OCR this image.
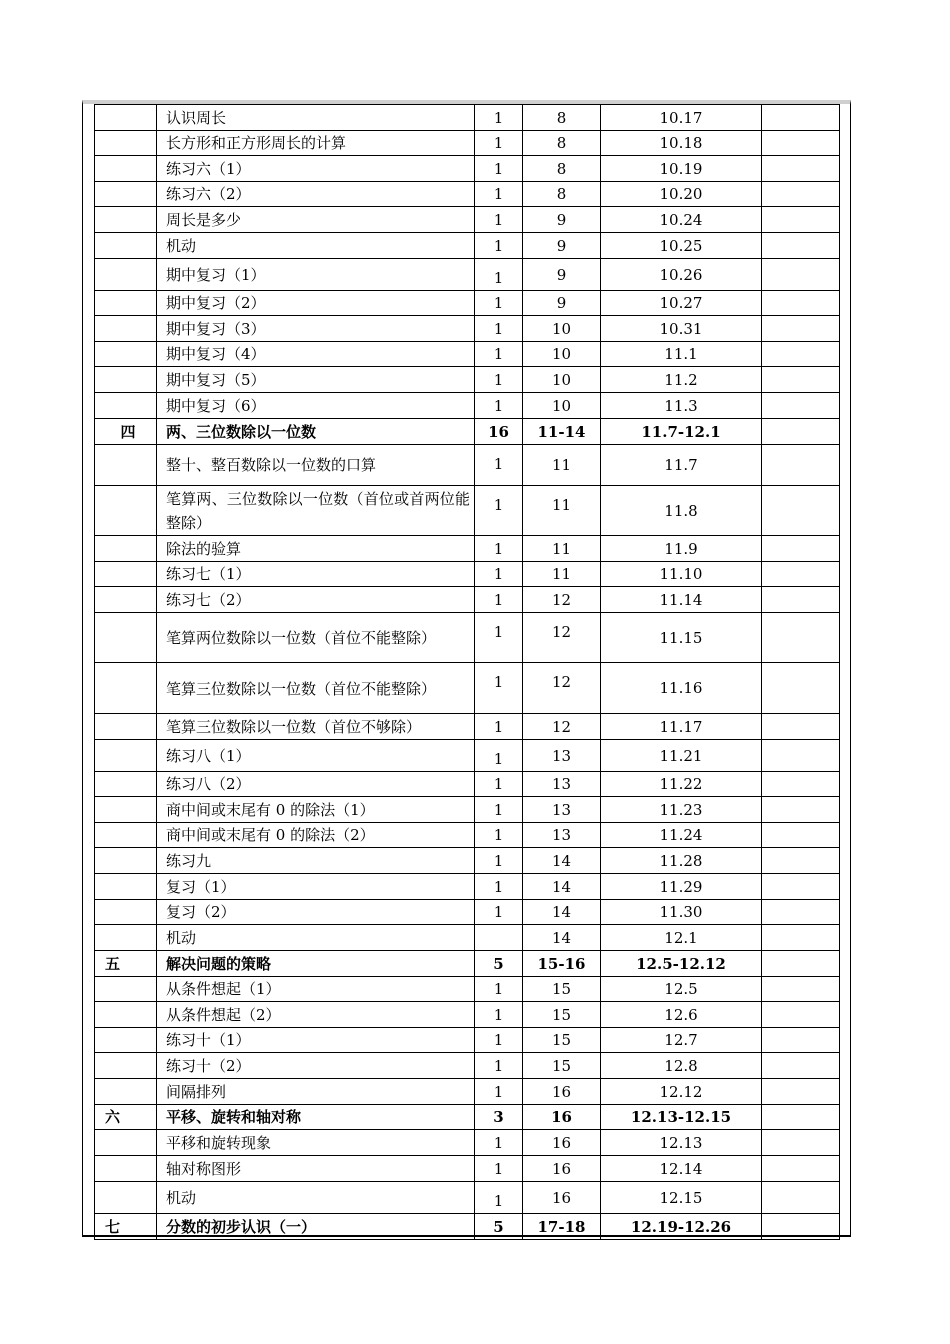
	认识周长	1	8	10.17	
	长方形和正方形周长的计算	1	8	10.18	
	练习六（1）	1	8	10.19	
	练习六（2）	1	8	10.20	
	周长是多少	1	9	10.24	
	机动	1	9	10.25	
	期中复习（1）	1	9	10.26	
	期中复习（2）	1	9	10.27	
	期中复习（3）	1	10	10.31	
	期中复习（4）	1	10	11.1	
	期中复习（5）	1	10	11.2	
	期中复习（6）	1	10	11.3	
四	两、三位数除以一位数	16	11-14	11.7-12.1	
	整十、整百数除以一位数的口算	1	11	11.7	
	笔算两、三位数除以一位数（首位或首两位能整除）	1	11	11.8	
	除法的验算	1	11	11.9	
	练习七（1）	1	11	11.10	
	练习七（2）	1	12	11.14	
	笔算两位数除以一位数（首位不能整除）	1	12	11.15	
	笔算三位数除以一位数（首位不能整除）	1	12	11.16	
	笔算三位数除以一位数（首位不够除）	1	12	11.17	
	练习八（1）	1	13	11.21	
	练习八（2）	1	13	11.22	
	商中间或末尾有 0 的除法（1）	1	13	11.23	
	商中间或末尾有 0 的除法（2）	1	13	11.24	
	练习九	1	14	11.28	
	复习（1）	1	14	11.29	
	复习（2）	1	14	11.30	
	机动		14	12.1	
五	解决问题的策略	5	15-16	12.5-12.12	
	从条件想起（1）	1	15	12.5	
	从条件想起（2）	1	15	12.6	
	练习十（1）	1	15	12.7	
	练习十（2）	1	15	12.8	
	间隔排列	1	16	12.12	
六	平移、旋转和轴对称	3	16	12.13-12.15	
	平移和旋转现象	1	16	12.13	
	轴对称图形	1	16	12.14	
	机动	1	16	12.15	
七	分数的初步认识（一）	5	17-18	12.19-12.26	
